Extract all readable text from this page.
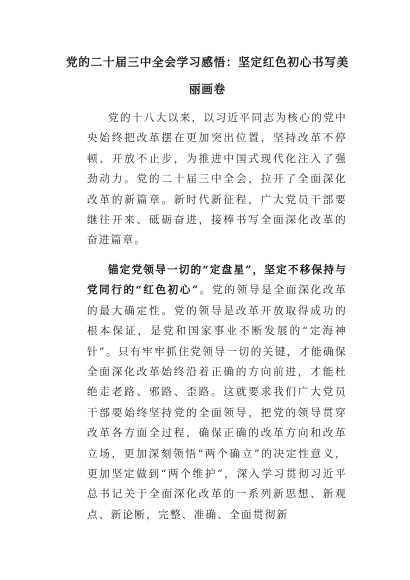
党的二十届三中全会学习感悟：坚定红色初心书写美丽画卷

党的十八大以来，以习近平同志为核心的党中央始终把改革摆在更加突出位置，坚持改革不停顿、开放不止步，为推进中国式现代化注入了强劲动力。党的二十届三中全会，拉开了全面深化改革的新篇章。新时代新征程，广大党员干部要继往开来、砥砺奋进，接棒书写全面深化改革的奋进篇章。

锚定党领导一切的“定盘星”，坚定不移保持与党同行的“红色初心”。党的领导是全面深化改革的最大确定性。党的领导是改革开放取得成功的根本保证，是党和国家事业不断发展的“定海神针”。只有牢牢抓住党领导一切的关键，才能确保全面深化改革始终沿着正确的方向前进，才能杜绝走老路、邪路、歪路。这就要求我们广大党员干部要始终坚持党的全面领导，把党的领导贯穿改革各方面全过程，确保正确的改革方向和改革立场，更加深刻领悟“两个确立”的决定性意义，更加坚定做到“两个维护”，深入学习贯彻习近平总书记关于全面深化改革的一系列新思想、新观点、新论断，完整、准确、全面贯彻新
